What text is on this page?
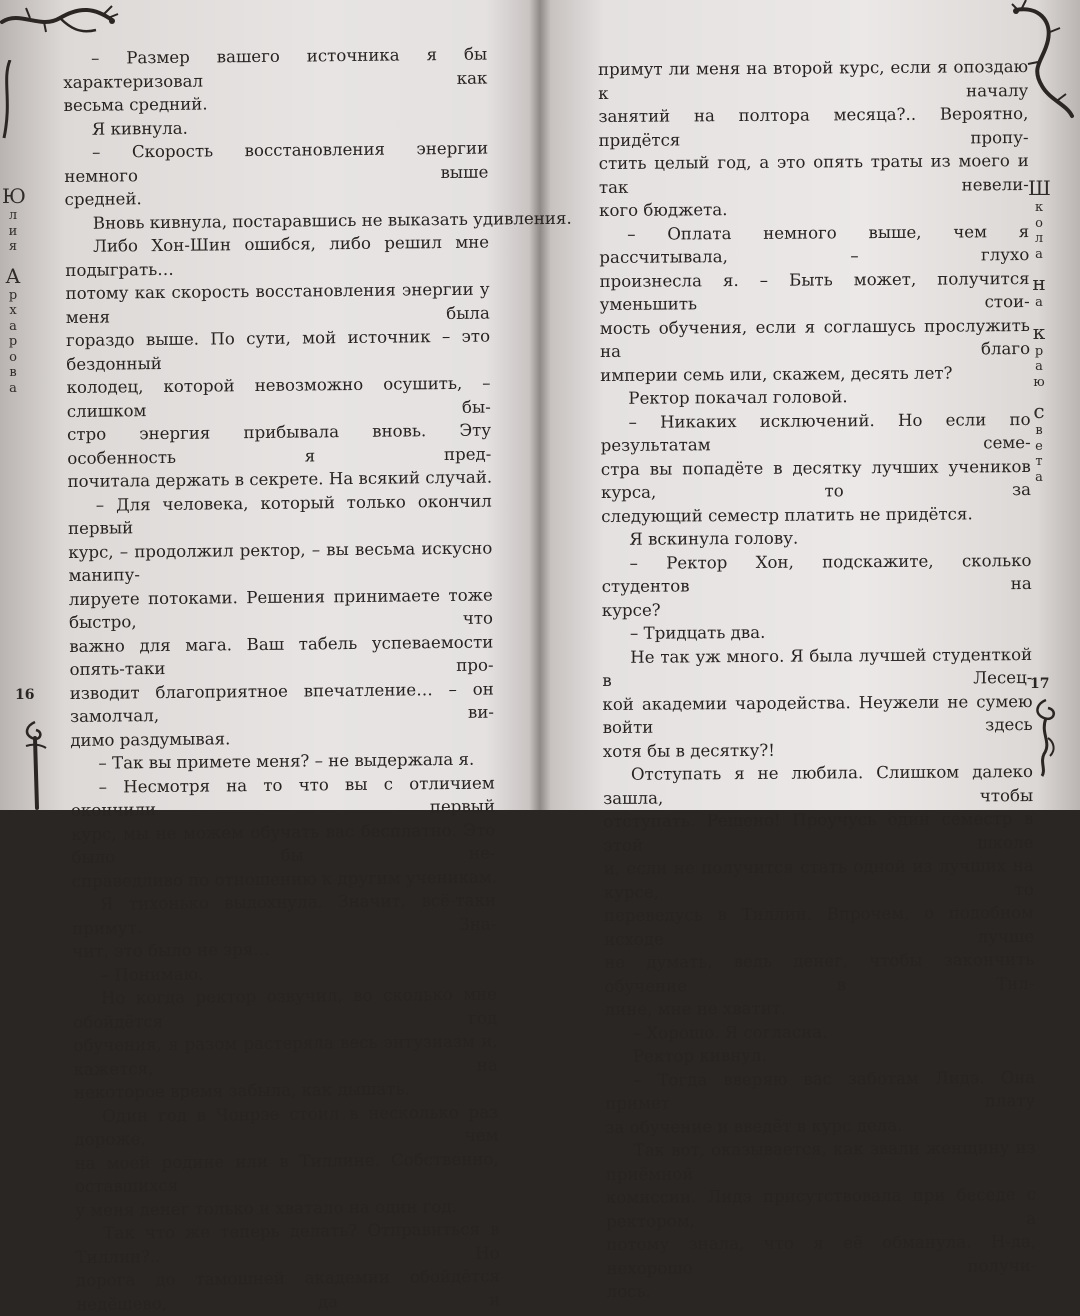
Ю
л
и
я
А
р
х
а
р
о
в
а
– Размер вашего источника я бы характеризовал как
весьма средний.
Я кивнула.
– Скорость восстановления энергии немного выше
средней.
Вновь кивнула, постаравшись не выказать удивления.
Либо Хон-Шин ошибся, либо решил мне подыграть…
потому как скорость восстановления энергии у меня была
гораздо выше. По сути, мой источник – это бездонный
колодец, которой невозможно осушить, – слишком бы-
стро энергия прибывала вновь. Эту особенность я пред-
почитала держать в секрете. На всякий случай.
– Для человека, который только окончил первый
курс, – продолжил ректор, – вы весьма искусно манипу-
лируете потоками. Решения принимаете тоже быстро, что
важно для мага. Ваш табель успеваемости опять-таки про-
изводит благоприятное впечатление… – он замолчал, ви-
димо раздумывая.
– Так вы примете меня? – не выдержала я.
– Несмотря на то что вы с отличием окончили первый
курс, мы не можем обучать вас бесплатно. Это было бы не-
справедливо по отношению к другим ученикам.
Я тихонько выдохнула. Значит, всё-таки примут. Зна-
чит, это было не зря…
– Понимаю.
Но когда ректор озвучил, во сколько мне обойдётся год
обучения, я разом растеряла весь энтузиазм и, кажется, на
некоторое время забыла, как дышать.
Один год в Чонрэе стоил в несколько раз дороже, чем
на моей родине или в Тиллине. Собственно, оставшихся
у меня денег только и хватало на один год.
Так что же теперь делать? Отправиться в Тиллин?.. Но
дорога до тамошней академии обойдётся недёшево, да и
16
примут ли меня на второй курс, если я опоздаю к началу
занятий на полтора месяца?.. Вероятно, придётся пропу-
стить целый год, а это опять траты из моего и так невели-
кого бюджета.
– Оплата немного выше, чем я рассчитывала, – глухо
произнесла я. – Быть может, получится уменьшить стои-
мость обучения, если я соглашусь прослужить на благо
империи семь или, скажем, десять лет?
Ректор покачал головой.
– Никаких исключений. Но если по результатам семе-
стра вы попадёте в десятку лучших учеников курса, то за
следующий семестр платить не придётся.
Я вскинула голову.
– Ректор Хон, подскажите, сколько студентов на
курсе?
– Тридцать два.
Не так уж много. Я была лучшей студенткой в Лесец-
кой академии чародейства. Неужели не сумею войти здесь
хотя бы в десятку?!
Отступать я не любила. Слишком далеко зашла, чтобы
отступать. Решено! Проучусь один семестр в этой школе
и, если не получится стать одной из лучших на курсе, то
переведусь в Тиллин. Впрочем, о подобном исходе лучше
не думать, ведь денег, чтобы закончить обучение в Тил-
лине, мне не хватит.
– Хорошо. Я согласна.
Ректор кивнул.
– Тогда вверяю вас заботам Лидэ. Она примет плату
за обучение и введёт в курс дела.
Так вот, оказывается, как звали женщину из приёмной
комиссии. Лидэ присутствовала при беседе с ректором, а
потому знала, что я её обманула. Н-да, нехорошо получи-
лось.
Ш
к
о
л
а
н
а
к
р
а
ю
с
в
е
т
а
17
